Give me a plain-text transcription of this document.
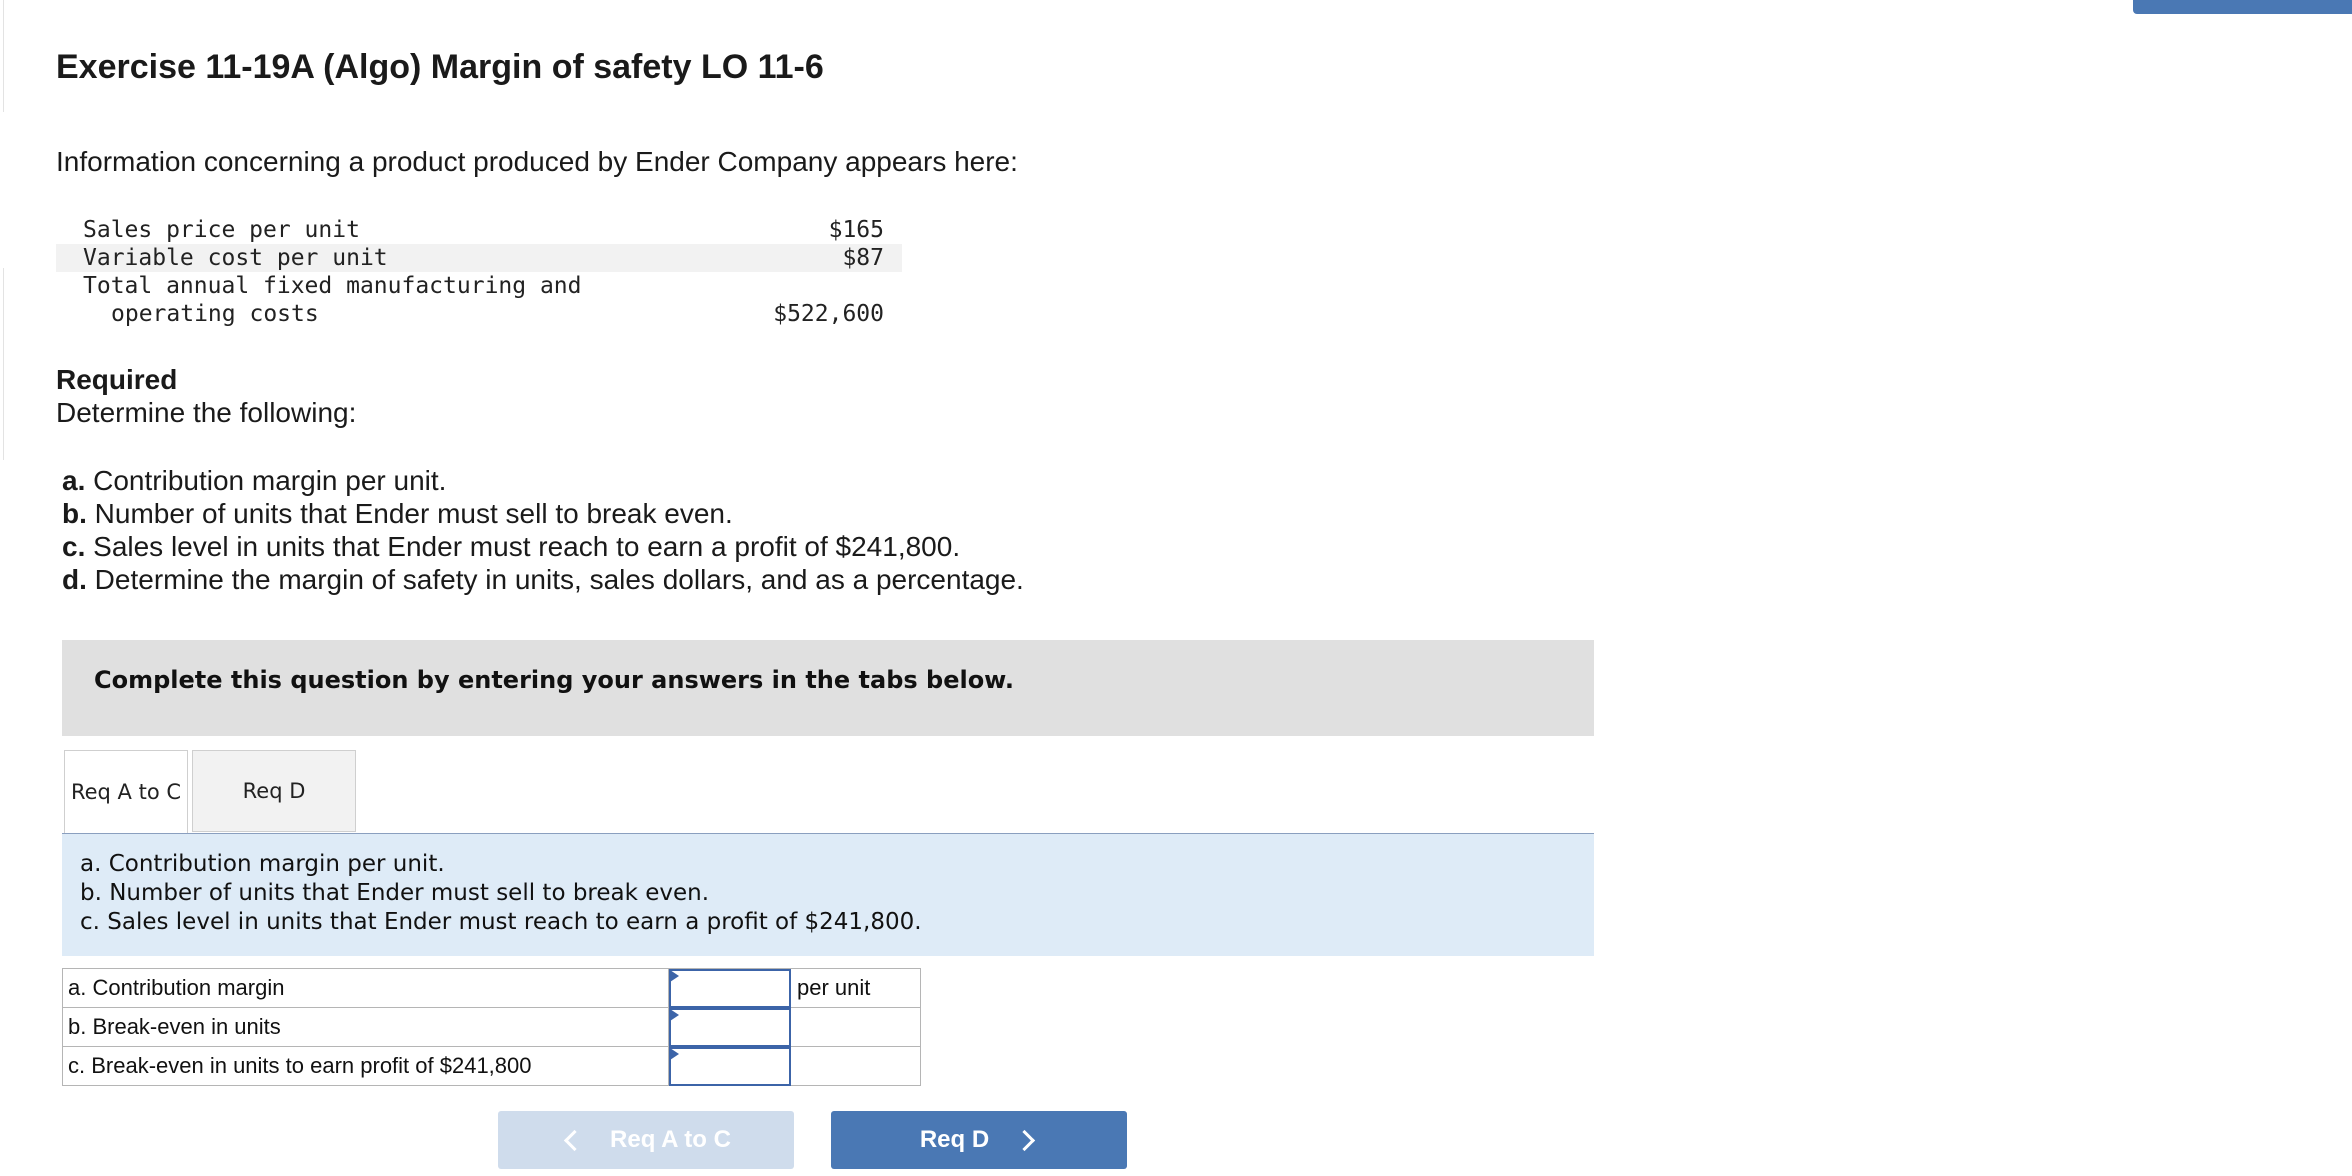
Exercise 11-19A (Algo) Margin of safety LO 11-6
Information concerning a product produced by Ender Company appears here:
Sales price per unit	$165
Variable cost per unit	$87
Total annual fixed manufacturing and
operating costs	$522,600
Required
Determine the following:
a. Contribution margin per unit.
b. Number of units that Ender must sell to break even.
c. Sales level in units that Ender must reach to earn a profit of $241,800.
d. Determine the margin of safety in units, sales dollars, and as a percentage.
Complete this question by entering your answers in the tabs below.
Req A to C	Req D
a. Contribution margin per unit.
b. Number of units that Ender must sell to break even.
c. Sales level in units that Ender must reach to earn a profit of $241,800.
a. Contribution margin		per unit
b. Break-even in units	

c. Break-even in units to earn profit of $241,800	

Req A to C	Req D
